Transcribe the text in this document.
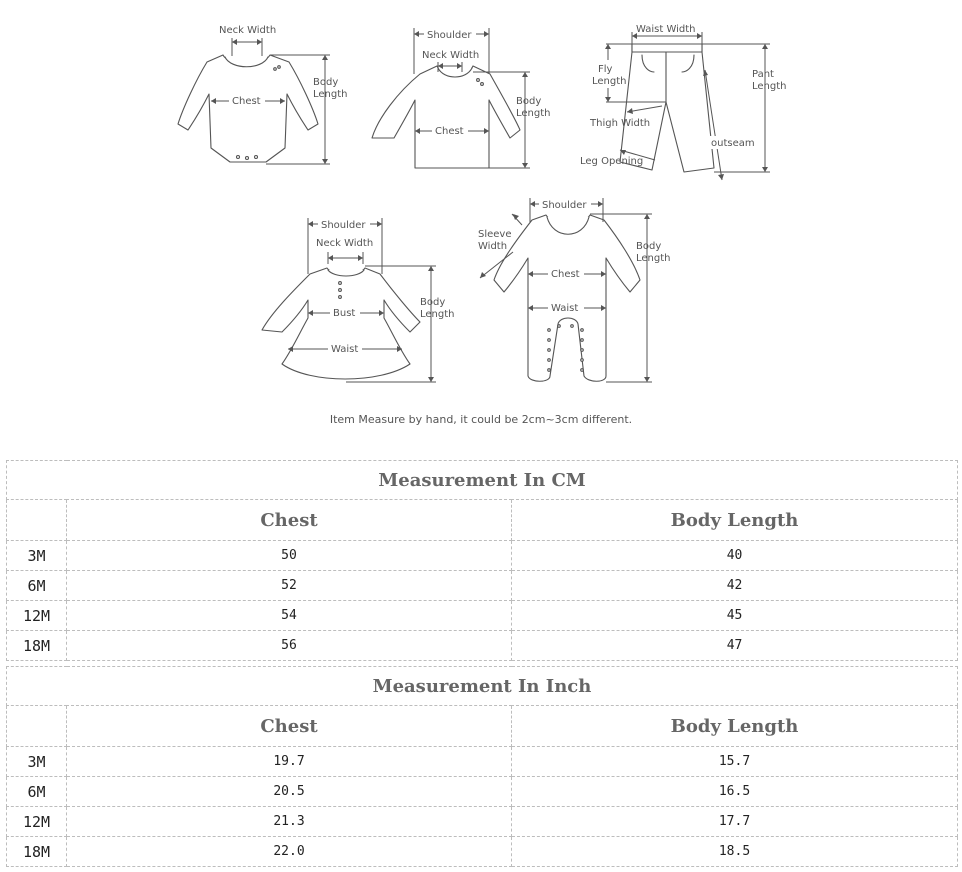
Neck Width
Chest
Body Length
Shoulder
Neck Width
Chest
Body Length
Waist Width
Fly Length
Pant Length
Thigh Width
outseam
Leg Opening
Shoulder
Neck Width
Bust
Waist
Body Length
Shoulder
Sleeve Width
Chest
Waist
Body Length
Item Measure by hand, it could be 2cm~3cm different.
Measurement In CM		
	Chest	Body Length
3M	50	40
6M	52	42
12M	54	45
18M	56	47
Measurement In Inch		
	Chest	Body Length
3M	19.7	15.7
6M	20.5	16.5
12M	21.3	17.7
18M	22.0	18.5
